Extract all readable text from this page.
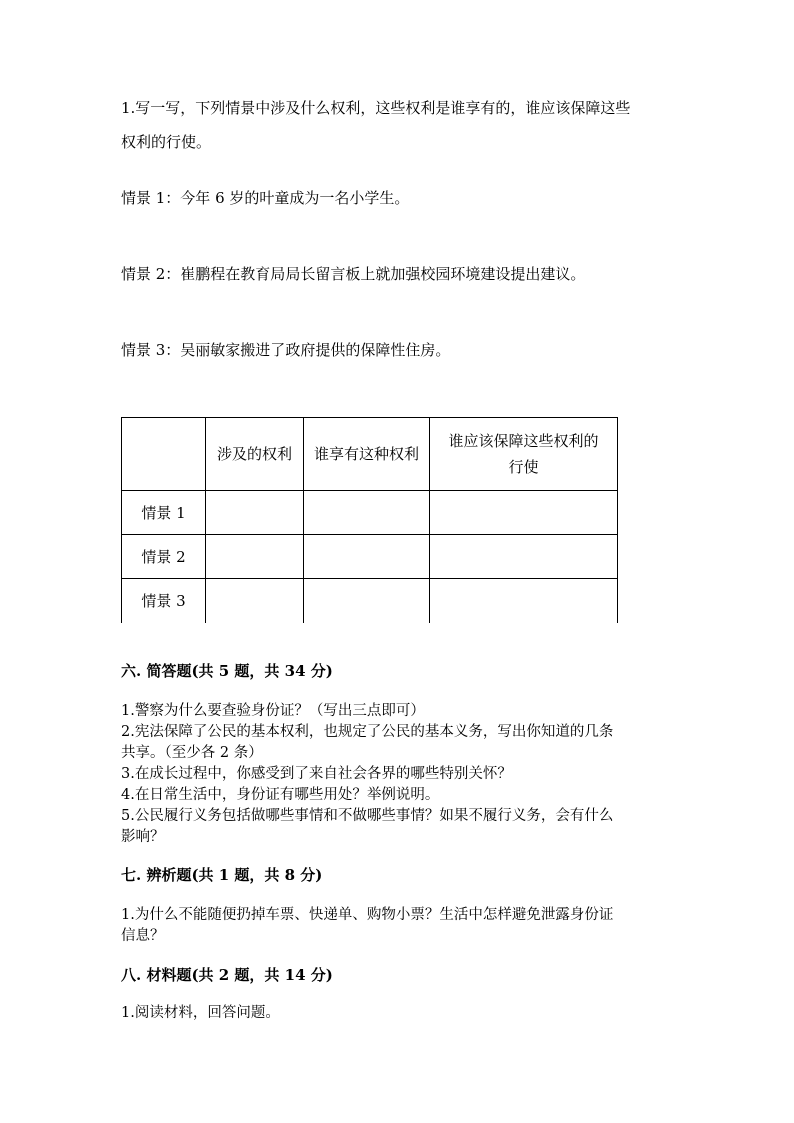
1.写一写，下列情景中涉及什么权利，这些权利是谁享有的，谁应该保障这些
权利的行使。
情景 1：今年 6 岁的叶童成为一名小学生。
情景 2：崔鹏程在教育局局长留言板上就加强校园环境建设提出建议。
情景 3：吴丽敏家搬进了政府提供的保障性住房。
	涉及的权利	谁享有这种权利	谁应该保障这些权利的
行使

情景 1			
情景 2			
情景 3			
六. 简答题(共 5 题，共 34 分)
1.警察为什么要查验身份证？（写出三点即可）
2.宪法保障了公民的基本权利，也规定了公民的基本义务，写出你知道的几条
共享。（至少各 2 条）
3.在成长过程中，你感受到了来自社会各界的哪些特别关怀？
4.在日常生活中，身份证有哪些用处？举例说明。
5.公民履行义务包括做哪些事情和不做哪些事情？如果不履行义务，会有什么
影响？
七. 辨析题(共 1 题，共 8 分)
1.为什么不能随便扔掉车票、快递单、购物小票？生活中怎样避免泄露身份证
信息？
八. 材料题(共 2 题，共 14 分)
1.阅读材料，回答问题。
